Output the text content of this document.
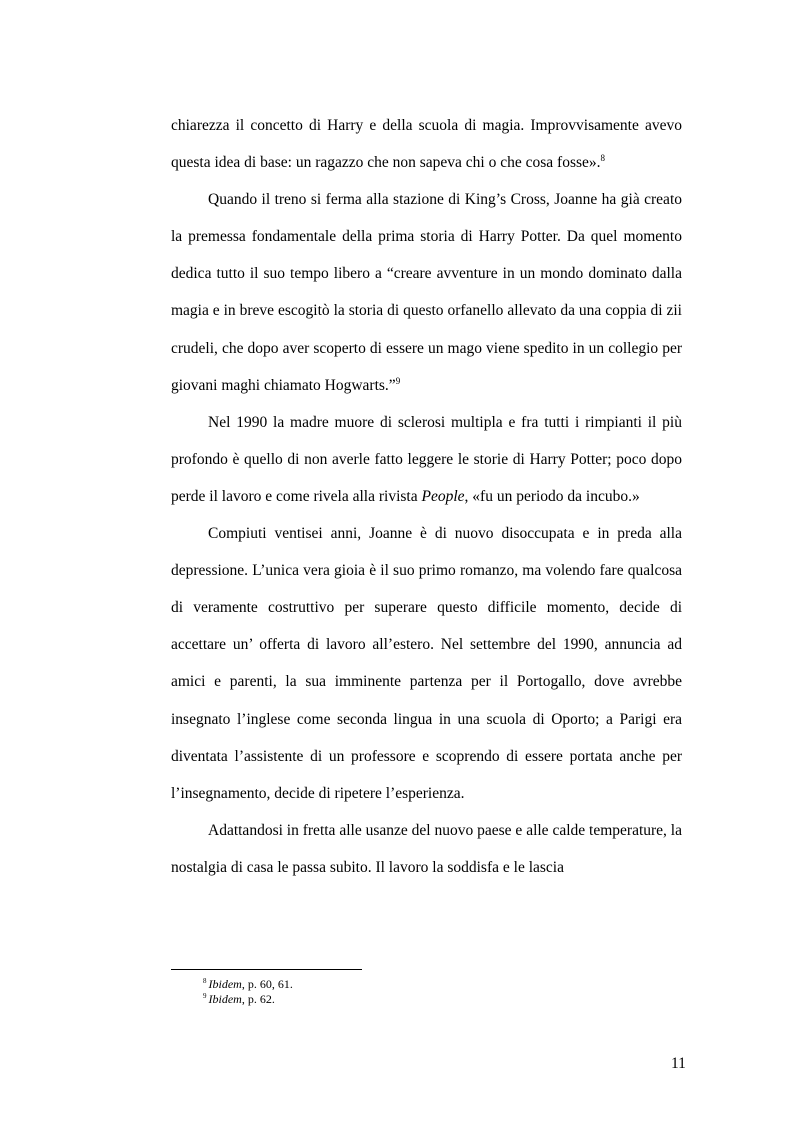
chiarezza il concetto di Harry e della scuola di magia. Improvvisamente avevo questa idea di base: un ragazzo che non sapeva chi o che cosa fosse».$^8$

Quando il treno si ferma alla stazione di King’s Cross, Joanne ha già creato la premessa fondamentale della prima storia di Harry Potter. Da quel momento dedica tutto il suo tempo libero a “creare avventure in un mondo dominato dalla magia e in breve escogitò la storia di questo orfanello allevato da una coppia di zii crudeli, che dopo aver scoperto di essere un mago viene spedito in un collegio per giovani maghi chiamato Hogwarts.”$^9$

Nel 1990 la madre muore di sclerosi multipla e fra tutti i rimpianti il più profondo è quello di non averle fatto leggere le storie di Harry Potter; poco dopo perde il lavoro e come rivela alla rivista People, «fu un periodo da incubo.»

Compiuti ventisei anni, Joanne è di nuovo disoccupata e in preda alla depressione. L’unica vera gioia è il suo primo romanzo, ma volendo fare qualcosa di veramente costruttivo per superare questo difficile momento, decide di accettare un’ offerta di lavoro all’estero. Nel settembre del 1990, annuncia ad amici e parenti, la sua imminente partenza per il Portogallo, dove avrebbe insegnato l’inglese come seconda lingua in una scuola di Oporto; a Parigi era diventata l’assistente di un professore e scoprendo di essere portata anche per l’insegnamento, decide di ripetere l’esperienza.

Adattandosi in fretta alle usanze del nuovo paese e alle calde temperature, la nostalgia di casa le passa subito. Il lavoro la soddisfa e le lascia

$^8$ Ibidem, p. 60, 61.
$^9$ Ibidem, p. 62.
11
